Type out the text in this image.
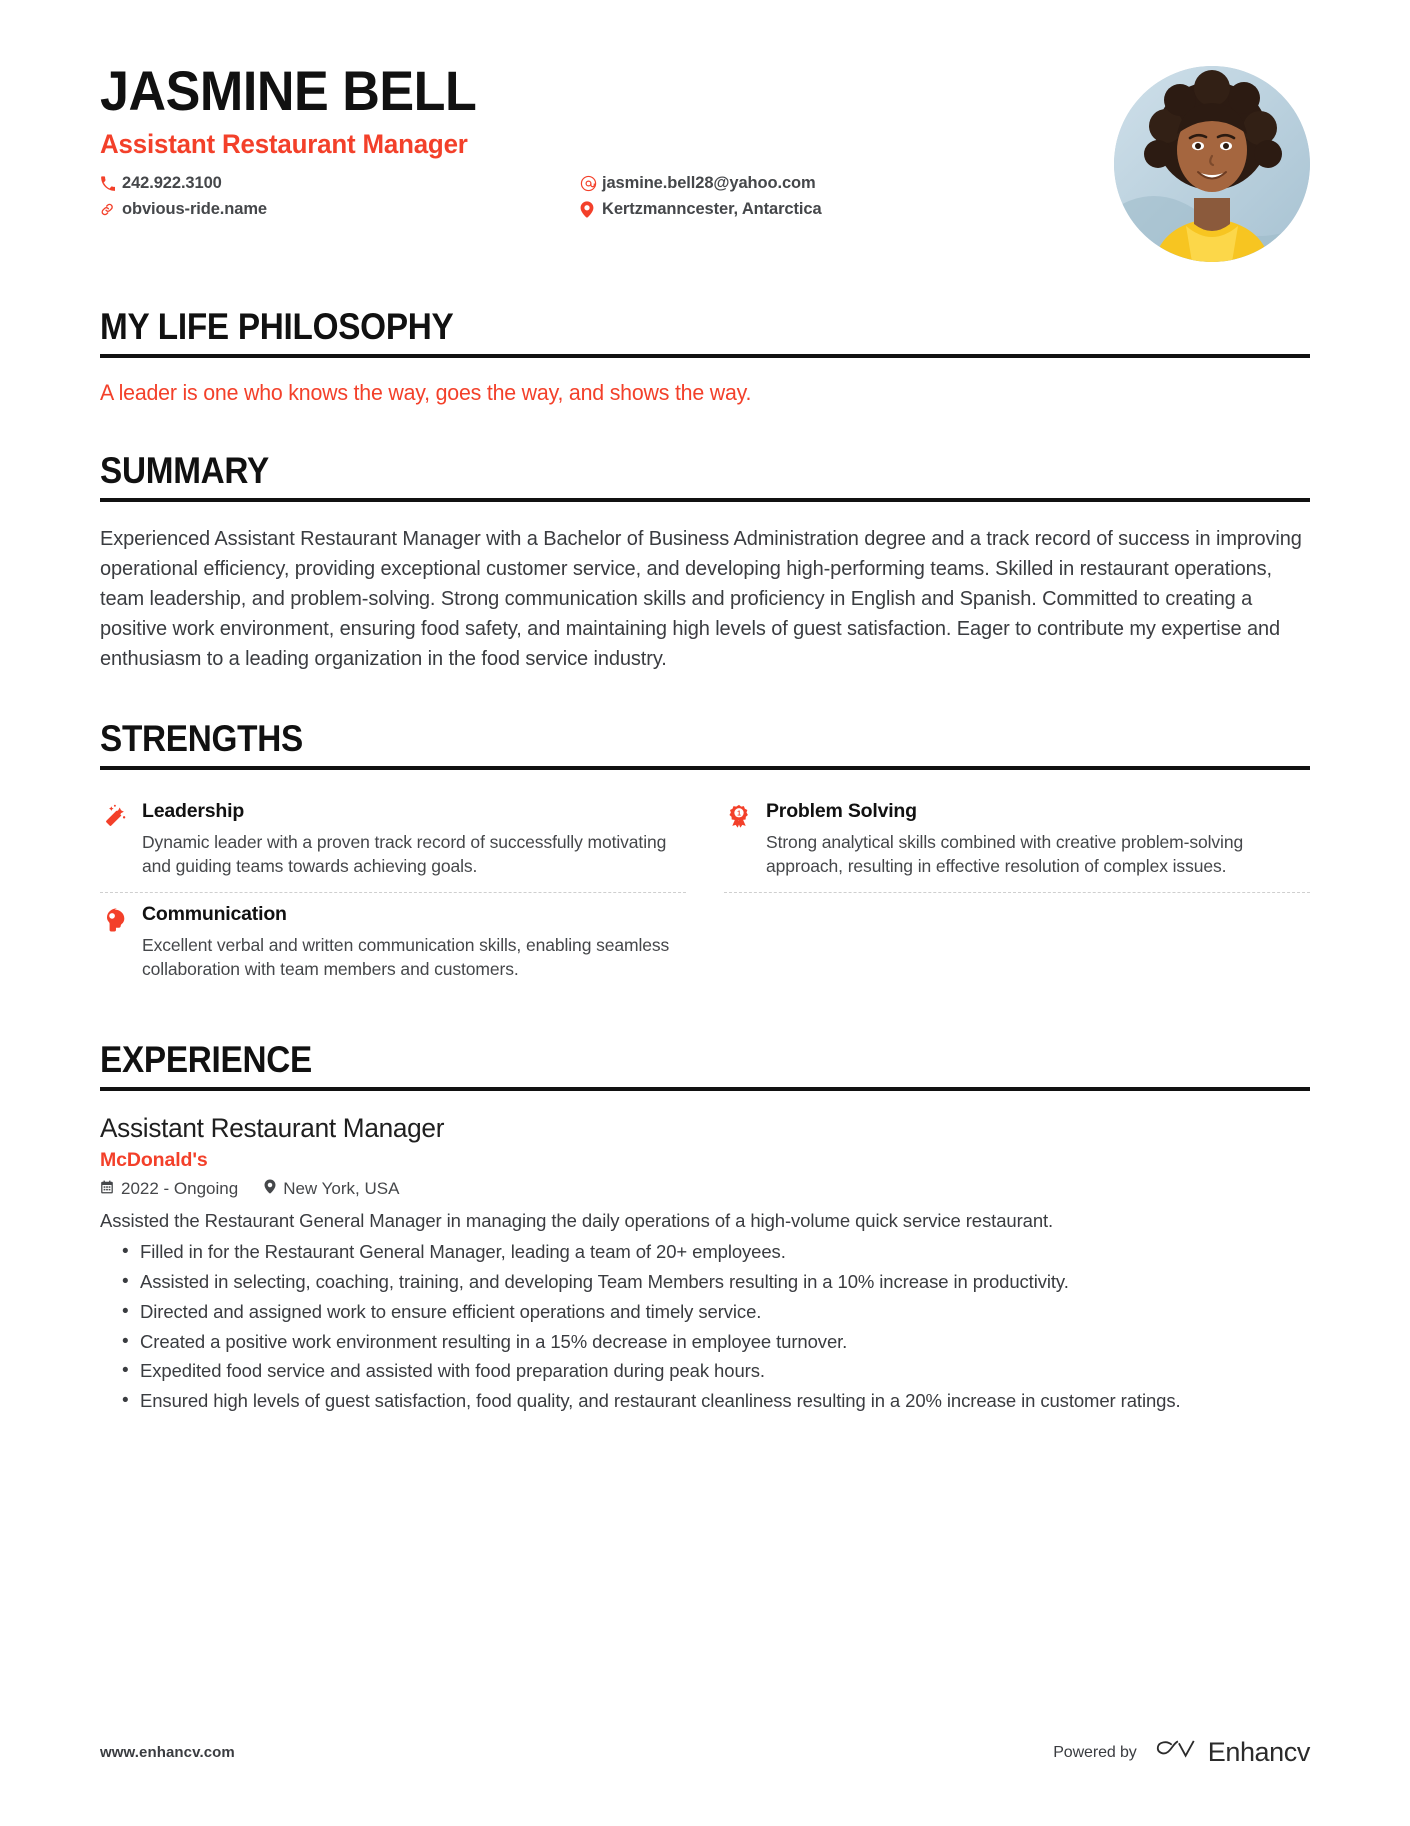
JASMINE BELL
Assistant Restaurant Manager
242.922.3100	jasmine.bell28@yahoo.com
obvious-ride.name	Kertzmanncester, Antarctica
MY LIFE PHILOSOPHY
A leader is one who knows the way, goes the way, and shows the way.
SUMMARY
Experienced Assistant Restaurant Manager with a Bachelor of Business Administration degree and a track record of success in improving operational efficiency, providing exceptional customer service, and developing high-performing teams. Skilled in restaurant operations, team leadership, and problem-solving. Strong communication skills and proficiency in English and Spanish. Committed to creating a positive work environment, ensuring food safety, and maintaining high levels of guest satisfaction. Eager to contribute my expertise and enthusiasm to a leading organization in the food service industry.
STRENGTHS
Leadership
Dynamic leader with a proven track record of successfully motivating and guiding teams towards achieving goals.
1 Problem Solving
Strong analytical skills combined with creative problem-solving approach, resulting in effective resolution of complex issues.
Communication
Excellent verbal and written communication skills, enabling seamless collaboration with team members and customers.
EXPERIENCE
Assistant Restaurant Manager
McDonald's
2022 - Ongoing	New York, USA
Assisted the Restaurant General Manager in managing the daily operations of a high-volume quick service restaurant.
• Filled in for the Restaurant General Manager, leading a team of 20+ employees.
• Assisted in selecting, coaching, training, and developing Team Members resulting in a 10% increase in productivity.
• Directed and assigned work to ensure efficient operations and timely service.
• Created a positive work environment resulting in a 15% decrease in employee turnover.
• Expedited food service and assisted with food preparation during peak hours.
• Ensured high levels of guest satisfaction, food quality, and restaurant cleanliness resulting in a 20% increase in customer ratings.
www.enhancv.com	Powered by	Enhancv
